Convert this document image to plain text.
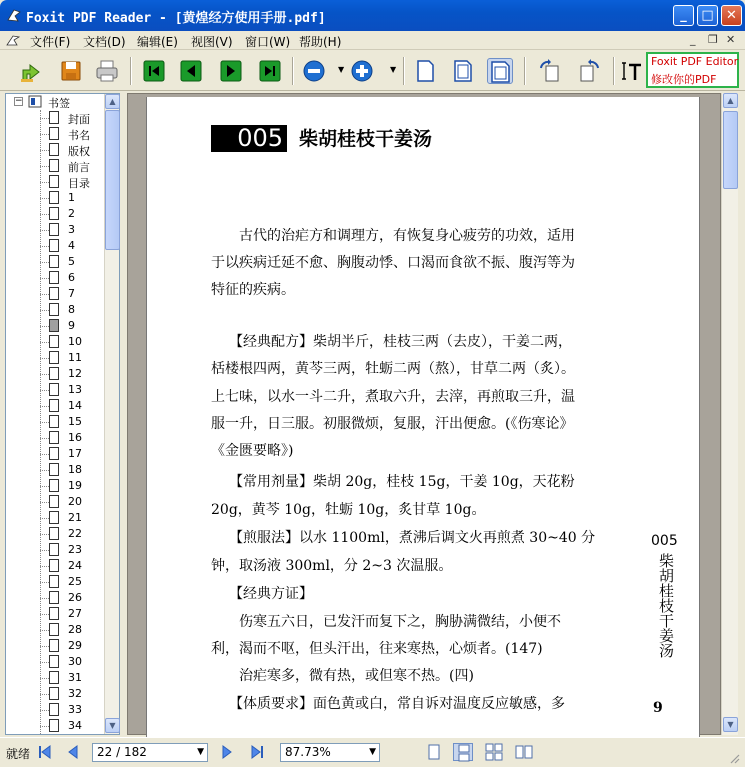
Foxit PDF Reader - [黄煌经方使用手册.pdf]	_	□ ✕
文件(F) 文档(D) 编辑(E) 视图(V) 窗口(W) 帮助(H)	_ ❐ ✕
▼	▼
Foxit PDF Editor
修改你的PDF
− 书签
封面
书名
版权
前言
目录
1
2
3
4
5
6
7
8
9
10
11
12
13
14
15
16
17
18
19
20
21
22
23
24
25
26
27
28
29
30
31
32
33
34
▲
▼
005 柴胡桂枝干姜汤
古代的治疟方和调理方，有恢复身心疲劳的功效，适用
于以疾病迁延不愈、胸腹动悸、口渴而食欲不振、腹泻等为
特征的疾病。
【经典配方】柴胡半斤，桂枝三两（去皮），干姜二两，
栝楼根四两，黄芩三两，牡蛎二两（熬），甘草二两（炙）。
上七味，以水一斗二升，煮取六升，去滓，再煎取三升，温
服一升，日三服。初服微烦，复服，汗出便愈。(《伤寒论》
《金匮要略》)
【常用剂量】柴胡 20g，桂枝 15g，干姜 10g，天花粉
20g，黄芩 10g，牡蛎 10g，炙甘草 10g。
【煎服法】以水 1100ml，煮沸后调文火再煎煮 30~40 分
钟，取汤液 300ml，分 2~3 次温服。
【经典方证】
伤寒五六日，已发汗而复下之，胸胁满微结，小便不
利，渴而不呕，但头汗出，往来寒热，心烦者。(147)
治疟寒多，微有热，或但寒不热。(四)
【体质要求】面色黄或白，常自诉对温度反应敏感，多
005
柴胡桂枝干姜汤
9
▲
▼
就绪	22 / 182	▼	87.73%	▼
